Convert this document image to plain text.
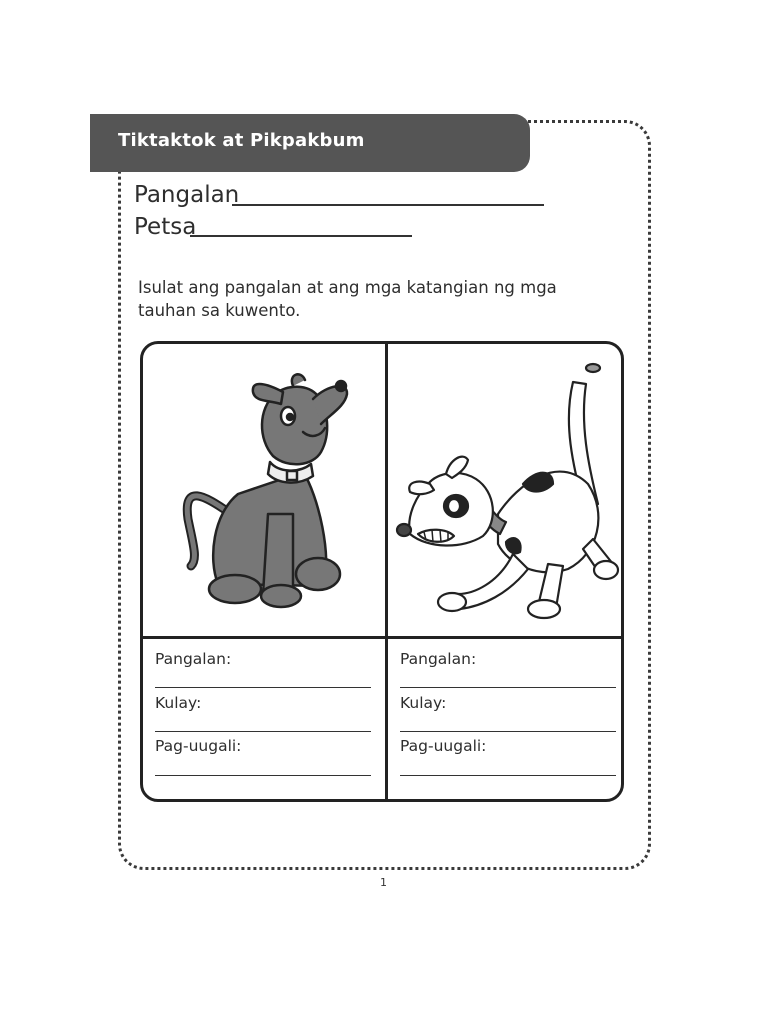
Tiktaktok at Pikpakbum
Pangalan
Petsa
Isulat ang pangalan at ang mga katangian ng mga tauhan sa kuwento.
Pangalan:
Kulay:
Pag-uugali:
Pangalan:
Kulay:
Pag-uugali:
1
